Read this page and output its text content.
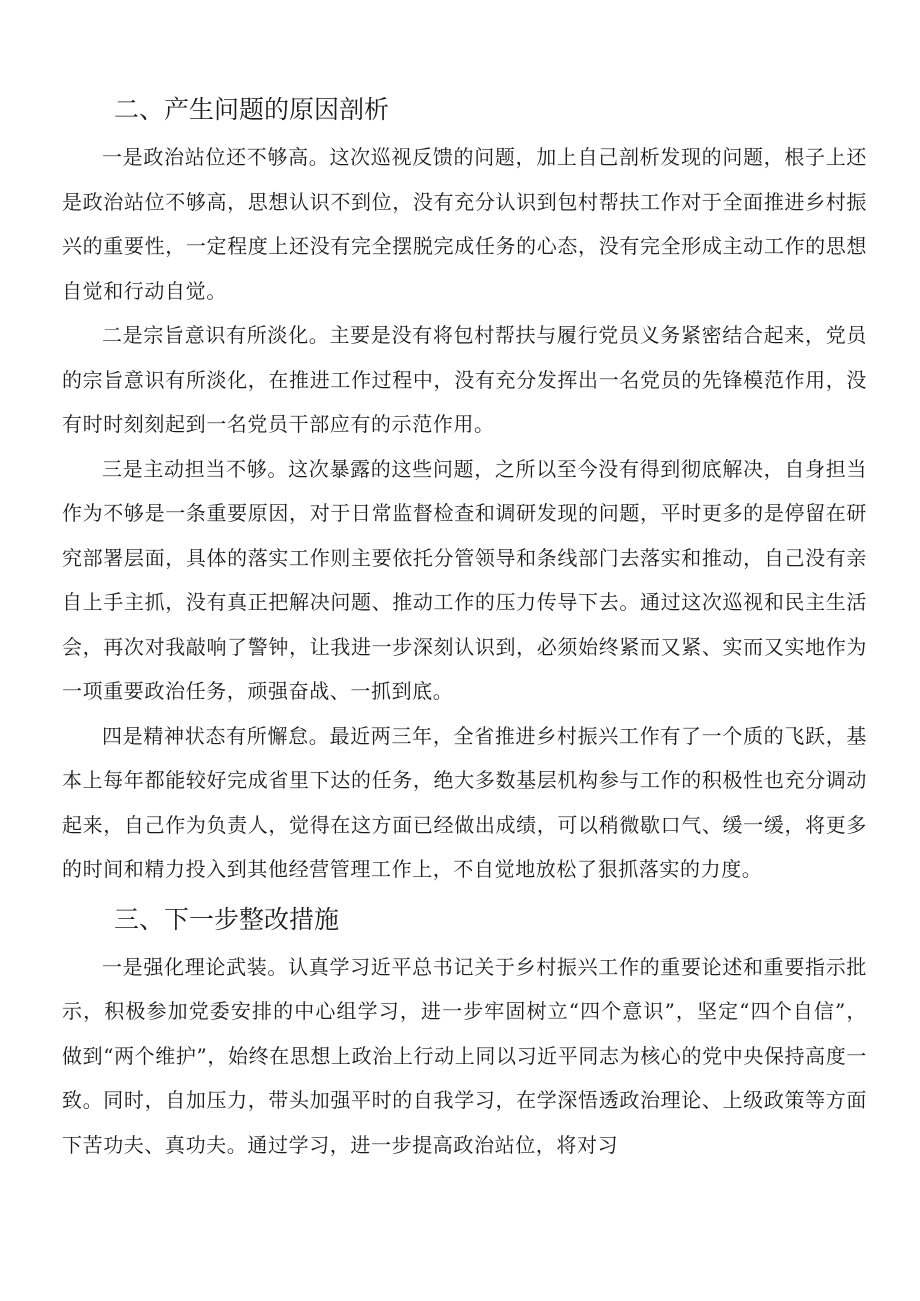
二、产生问题的原因剖析

一是政治站位还不够高。这次巡视反馈的问题，加上自己剖析发现的问题，根子上还是政治站位不够高，思想认识不到位，没有充分认识到包村帮扶工作对于全面推进乡村振兴的重要性，一定程度上还没有完全摆脱完成任务的心态，没有完全形成主动工作的思想自觉和行动自觉。

二是宗旨意识有所淡化。主要是没有将包村帮扶与履行党员义务紧密结合起来，党员的宗旨意识有所淡化，在推进工作过程中，没有充分发挥出一名党员的先锋模范作用，没有时时刻刻起到一名党员干部应有的示范作用。

三是主动担当不够。这次暴露的这些问题，之所以至今没有得到彻底解决，自身担当作为不够是一条重要原因，对于日常监督检查和调研发现的问题，平时更多的是停留在研究部署层面，具体的落实工作则主要依托分管领导和条线部门去落实和推动，自己没有亲自上手主抓，没有真正把解决问题、推动工作的压力传导下去。通过这次巡视和民主生活会，再次对我敲响了警钟，让我进一步深刻认识到，必须始终紧而又紧、实而又实地作为一项重要政治任务，顽强奋战、一抓到底。

四是精神状态有所懈怠。最近两三年，全省推进乡村振兴工作有了一个质的飞跃，基本上每年都能较好完成省里下达的任务，绝大多数基层机构参与工作的积极性也充分调动起来，自己作为负责人，觉得在这方面已经做出成绩，可以稍微歇口气、缓一缓，将更多的时间和精力投入到其他经营管理工作上，不自觉地放松了狠抓落实的力度。

三、下一步整改措施

一是强化理论武装。认真学习近平总书记关于乡村振兴工作的重要论述和重要指示批示，积极参加党委安排的中心组学习，进一步牢固树立“四个意识”，坚定“四个自信”，做到“两个维护”，始终在思想上政治上行动上同以习近平同志为核心的党中央保持高度一致。同时，自加压力，带头加强平时的自我学习，在学深悟透政治理论、上级政策等方面下苦功夫、真功夫。通过学习，进一步提高政治站位，将对习
